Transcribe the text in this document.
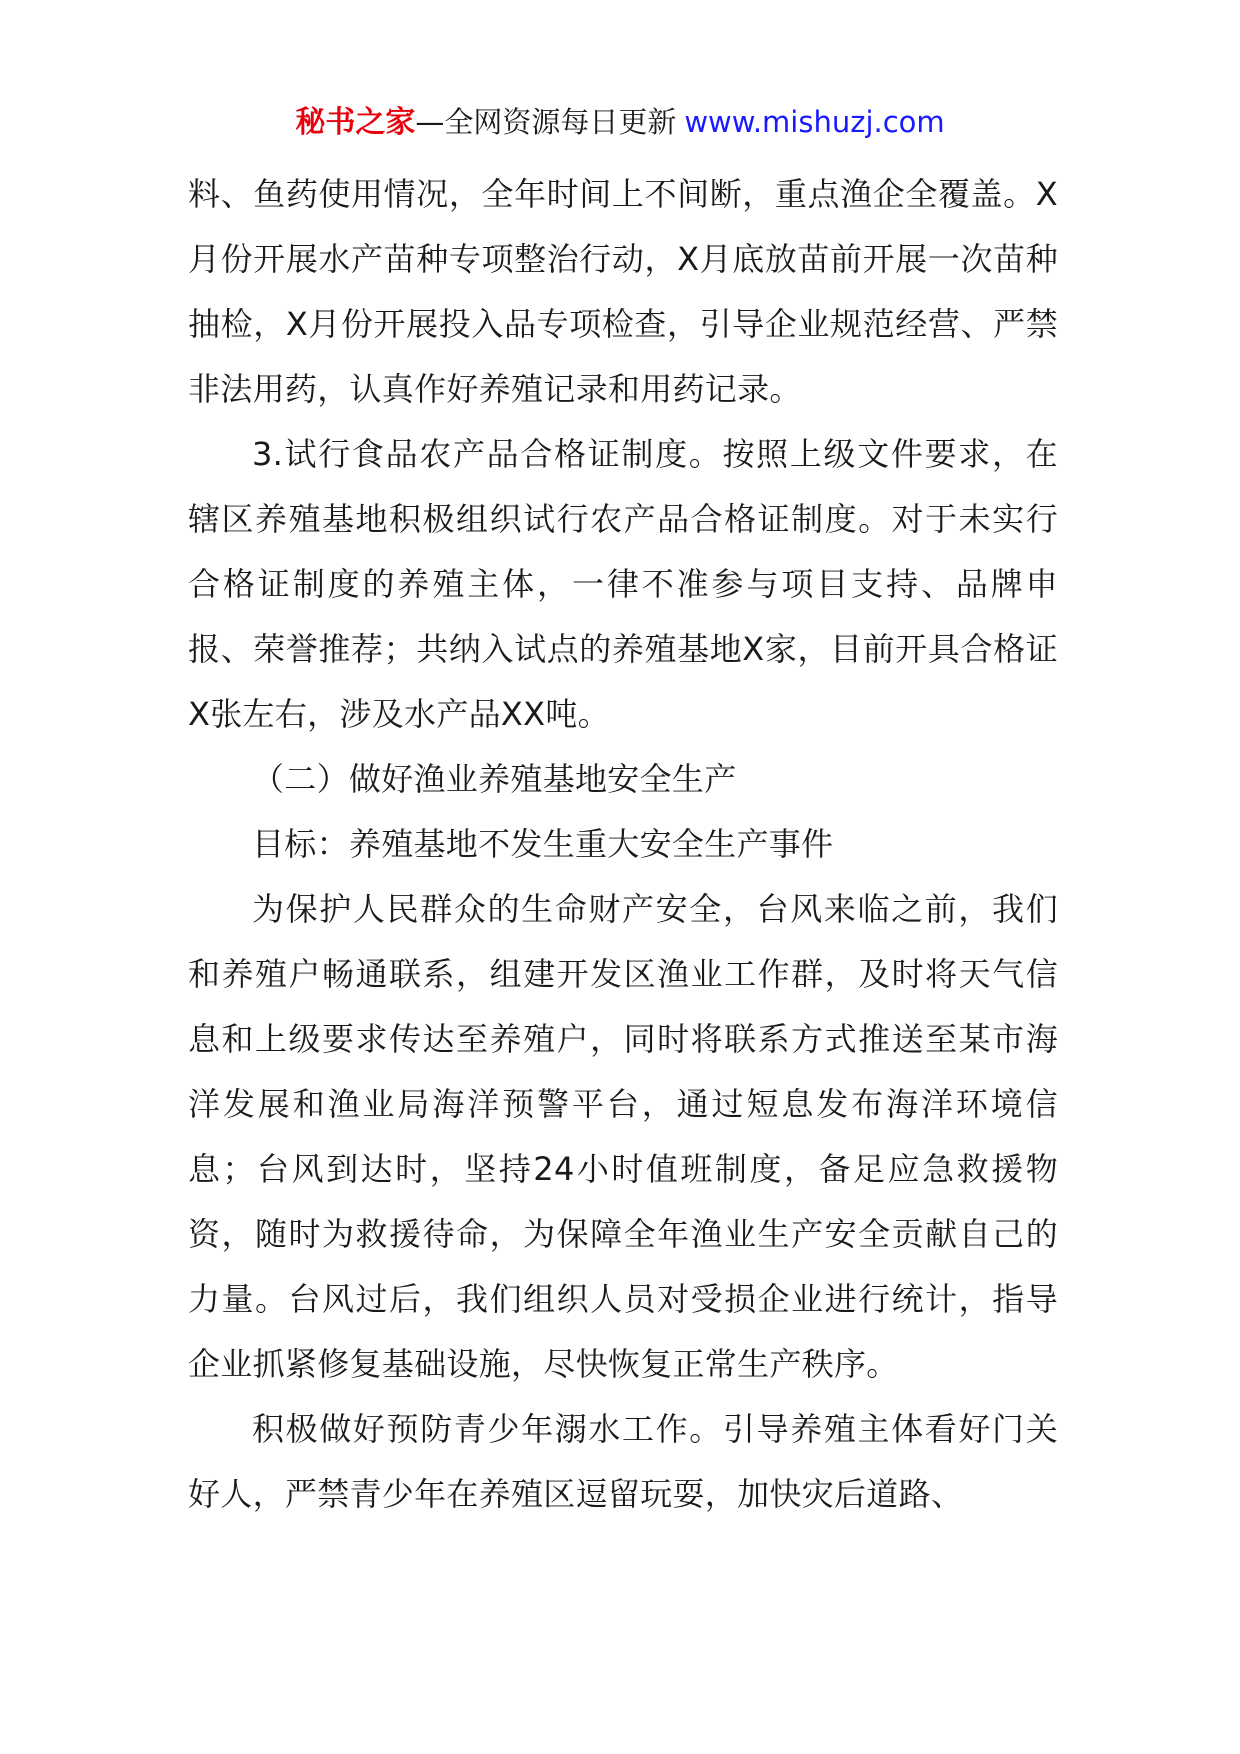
秘书之家—全网资源每日更新 www.mishuzj.com

料、鱼药使用情况，全年时间上不间断，重点渔企全覆盖。X月份开展水产苗种专项整治行动，X月底放苗前开展一次苗种抽检，X月份开展投入品专项检查，引导企业规范经营、严禁非法用药，认真作好养殖记录和用药记录。

3.试行食品农产品合格证制度。按照上级文件要求，在辖区养殖基地积极组织试行农产品合格证制度。对于未实行合格证制度的养殖主体，一律不准参与项目支持、品牌申报、荣誉推荐；共纳入试点的养殖基地X家，目前开具合格证X张左右，涉及水产品XX吨。

（二）做好渔业养殖基地安全生产

目标：养殖基地不发生重大安全生产事件

为保护人民群众的生命财产安全，台风来临之前，我们和养殖户畅通联系，组建开发区渔业工作群，及时将天气信息和上级要求传达至养殖户，同时将联系方式推送至某市海洋发展和渔业局海洋预警平台，通过短息发布海洋环境信息；台风到达时，坚持24小时值班制度，备足应急救援物资，随时为救援待命，为保障全年渔业生产安全贡献自己的力量。台风过后，我们组织人员对受损企业进行统计，指导企业抓紧修复基础设施，尽快恢复正常生产秩序。

积极做好预防青少年溺水工作。引导养殖主体看好门关好人，严禁青少年在养殖区逗留玩耍，加快灾后道路、
